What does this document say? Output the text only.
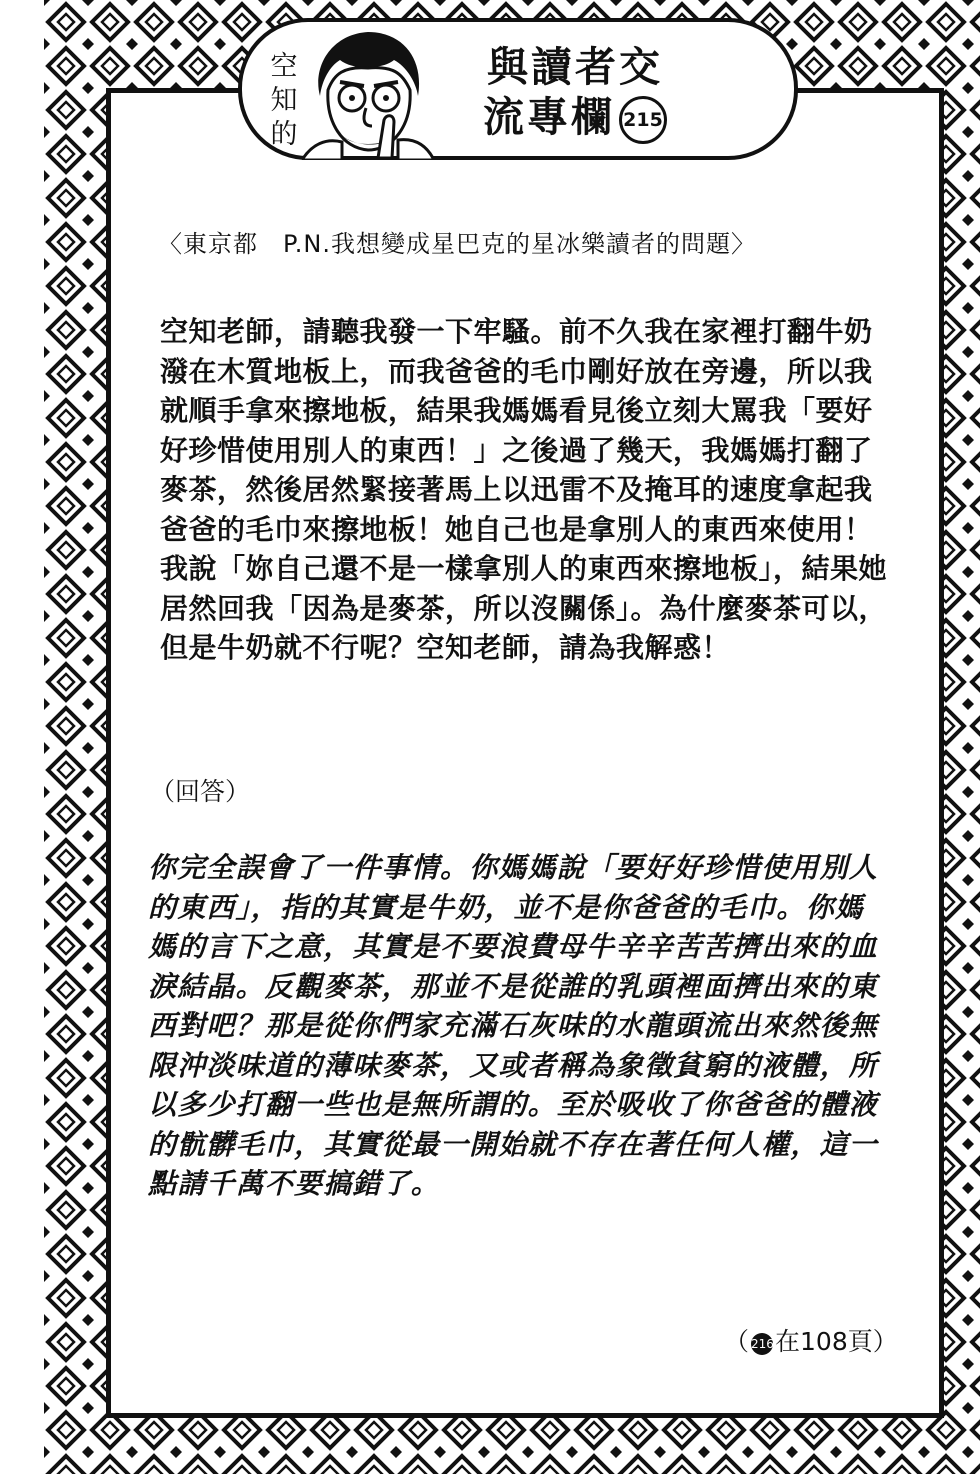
空
知
的
與讀者交
流專欄 215
〈東京都　P.N.我想變成星巴克的星冰樂讀者的問題〉
空知老師，請聽我發一下牢騷。前不久我在家裡打翻牛奶潑在木質地板上，而我爸爸的毛巾剛好放在旁邊，所以我就順手拿來擦地板，結果我媽媽看見後立刻大罵我「要好好珍惜使用別人的東西！」之後過了幾天，我媽媽打翻了麥茶，然後居然緊接著馬上以迅雷不及掩耳的速度拿起我爸爸的毛巾來擦地板！她自己也是拿別人的東西來使用！我說「妳自己還不是一樣拿別人的東西來擦地板」，結果她居然回我「因為是麥茶，所以沒關係」。為什麼麥茶可以，但是牛奶就不行呢？空知老師，請為我解惑！
（回答）
你完全誤會了一件事情。你媽媽說「要好好珍惜使用別人的東西」，指的其實是牛奶，並不是你爸爸的毛巾。你媽媽的言下之意，其實是不要浪費母牛辛辛苦苦擠出來的血淚結晶。反觀麥茶，那並不是從誰的乳頭裡面擠出來的東西對吧？那是從你們家充滿石灰味的水龍頭流出來然後無限沖淡味道的薄味麥茶，又或者稱為象徵貧窮的液體，所以多少打翻一些也是無所謂的。至於吸收了你爸爸的體液的骯髒毛巾，其實從最一開始就不存在著任何人權，這一點請千萬不要搞錯了。
（ 216在108頁）
